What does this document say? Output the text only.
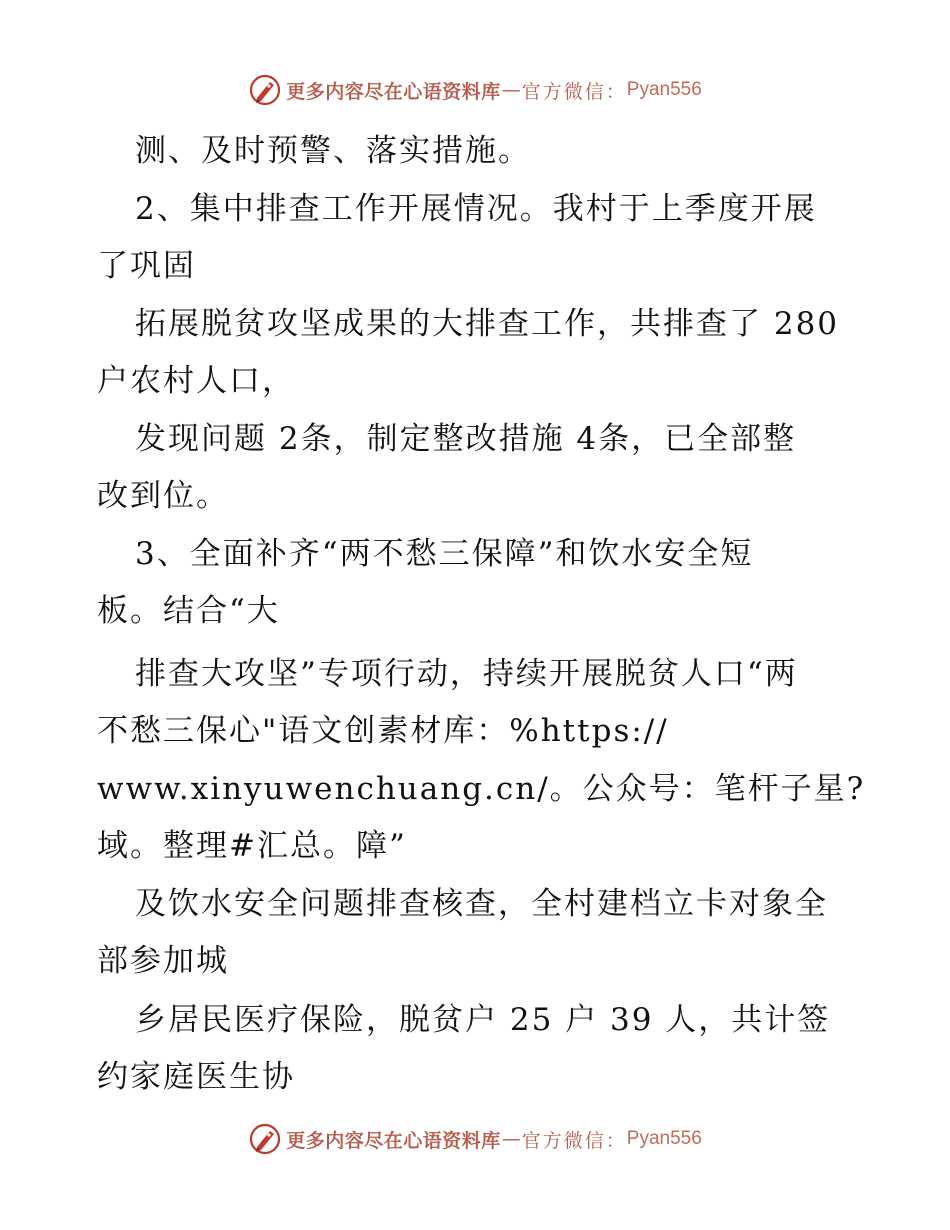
更多内容尽在心语资料库 — 官方微信 ： Pyan556
测、及时预警、落实措施。
2、集中排查工作开展情况。我村于上季度开展
了巩固
拓展脱贫攻坚成果的大排查工作，共排查了 280
户农村人口，
发现问题 2条，制定整改措施 4条，已全部整
改到位。
3、全面补齐“两不愁三保障”和饮水安全短
板。结合“大
排查大攻坚”专项行动，持续开展脱贫人口“两
不愁三保心"语文创素材库：%https://
www.xinyuwenchuang.cn/。公众号：笔杆子星?
域。整理#汇总。障”
及饮水安全问题排查核查，全村建档立卡对象全
部参加城
乡居民医疗保险，脱贫户 25 户 39 人，共计签
约家庭医生协
更多内容尽在心语资料库 — 官方微信 ： Pyan556
